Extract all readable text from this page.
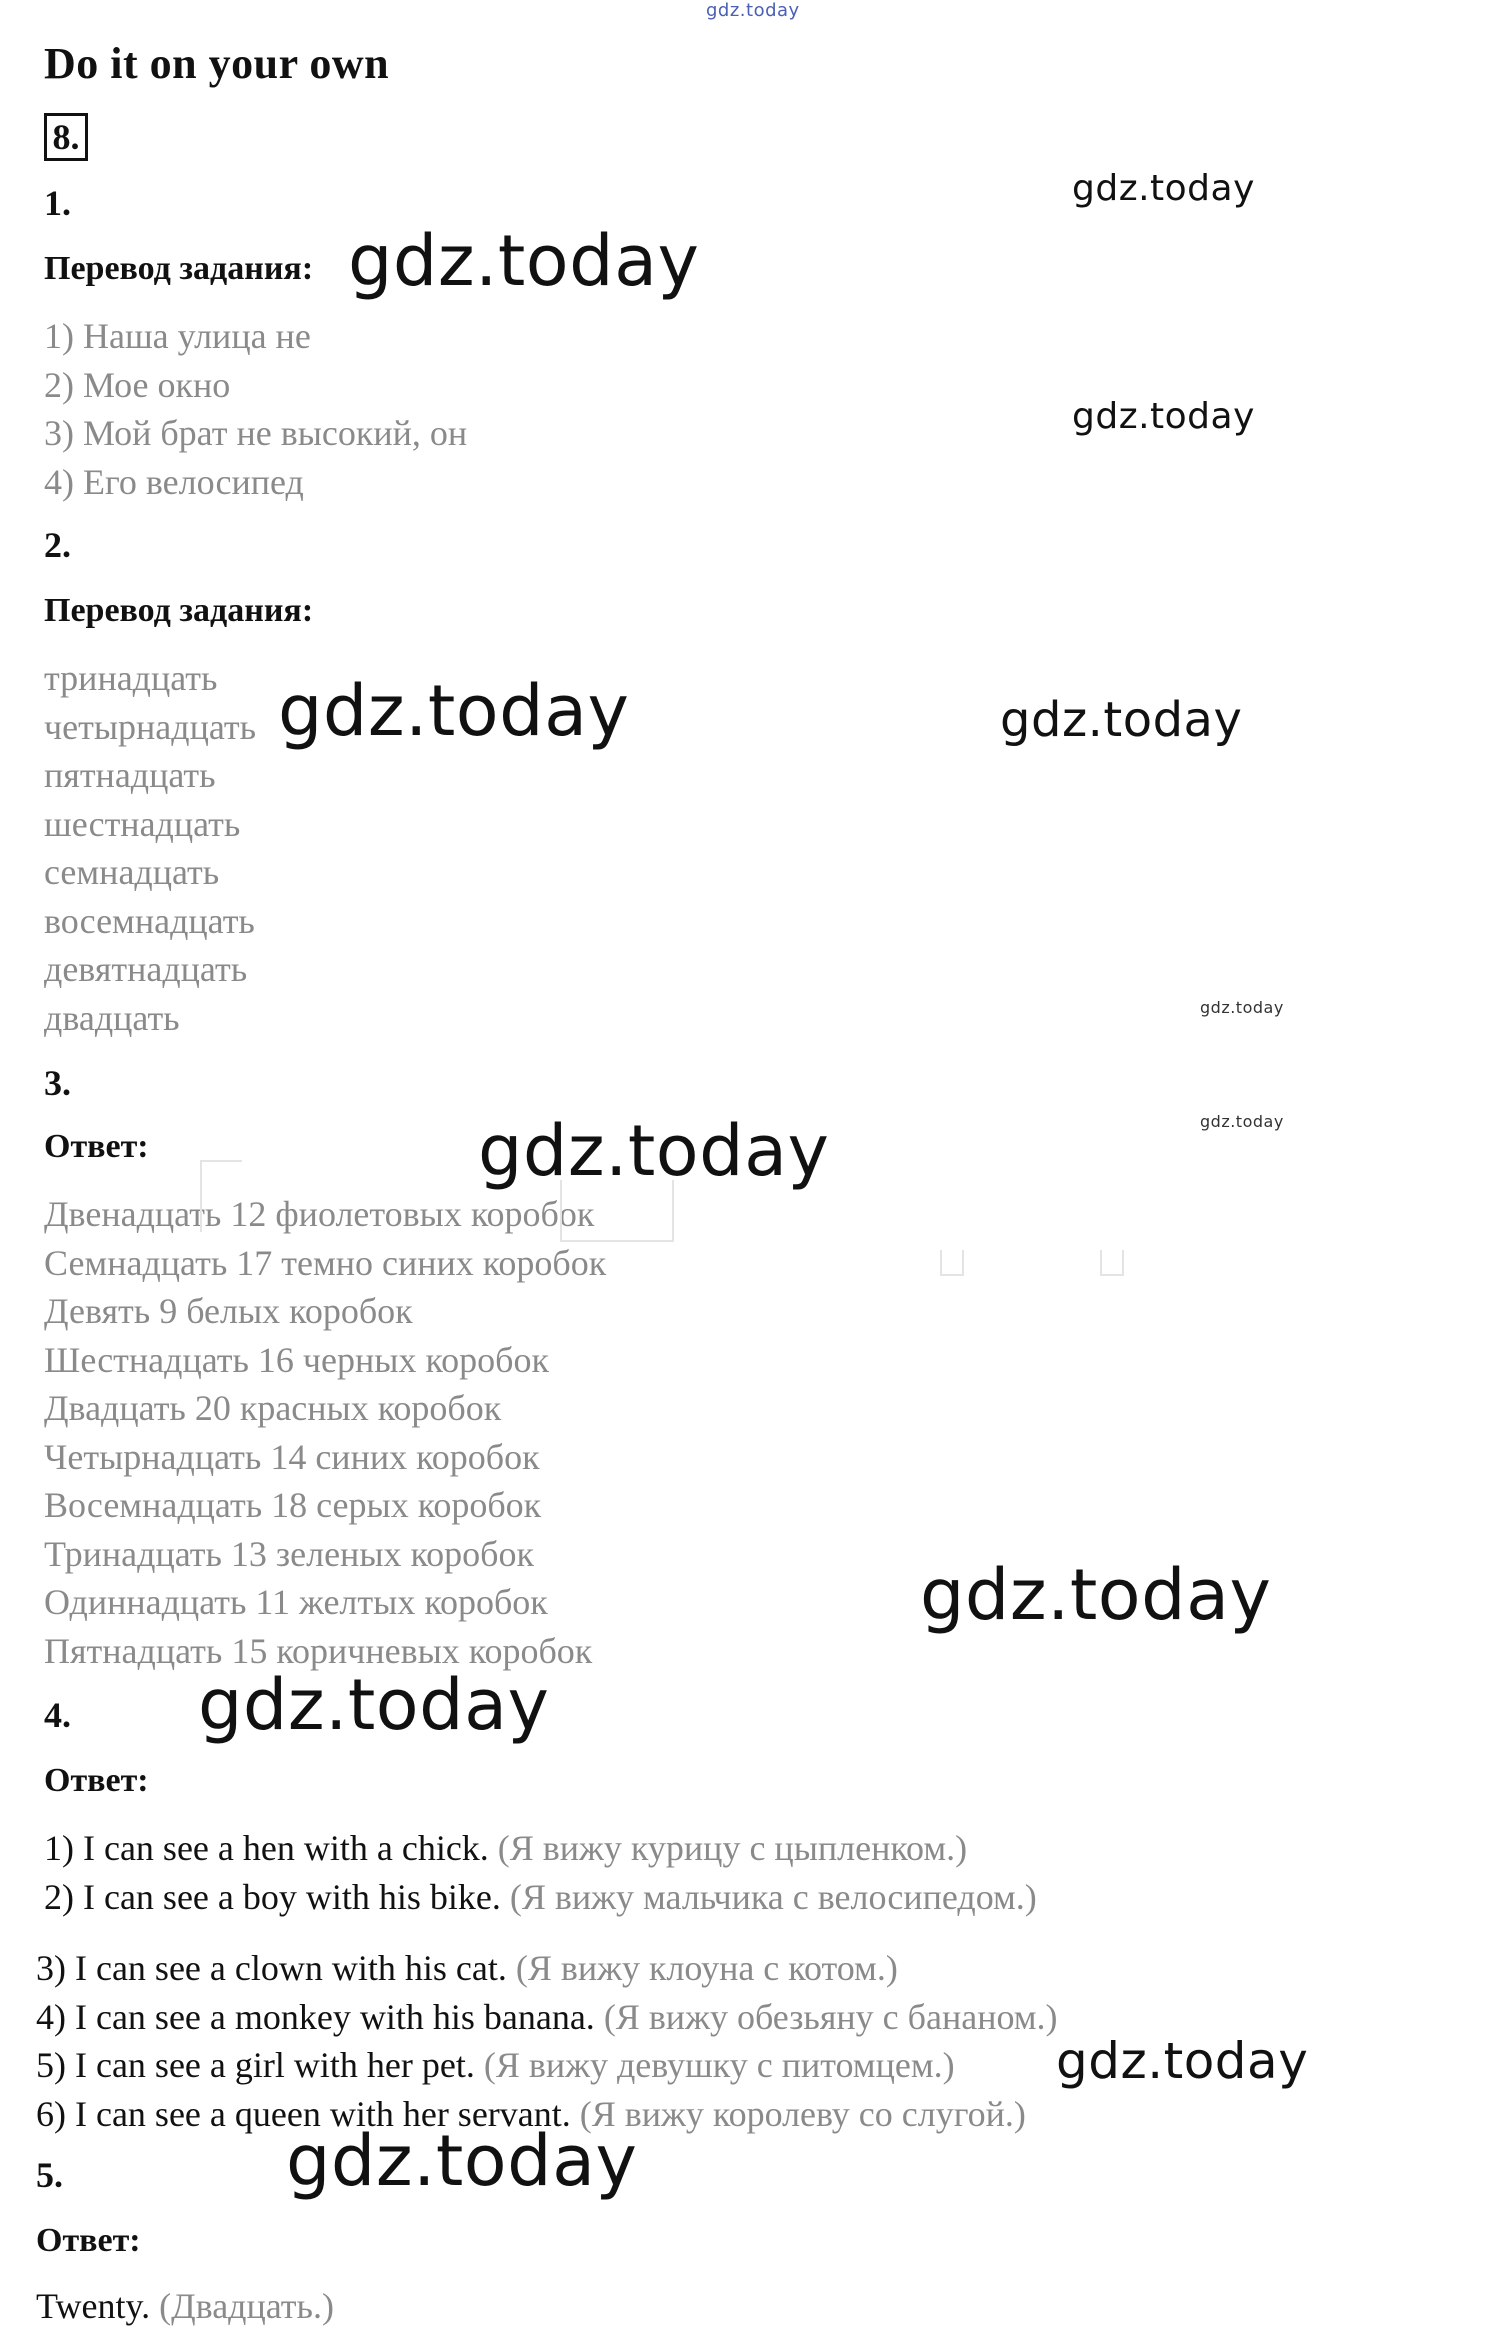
gdz.today
Do it on your own
8.
1.
Перевод задания:
1) Наша улица не
2) Мое окно
3) Мой брат не высокий, он
4) Его велосипед
2.
Перевод задания:
тринадцать
четырнадцать
пятнадцать
шестнадцать
семнадцать
восемнадцать
девятнадцать
двадцать
3.
Ответ:
Двенадцать 12 фиолетовых коробок
Семнадцать 17 темно синих коробок
Девять 9 белых коробок
Шестнадцать 16 черных коробок
Двадцать 20 красных коробок
Четырнадцать 14 синих коробок
Восемнадцать 18 серых коробок
Тринадцать 13 зеленых коробок
Одиннадцать 11 желтых коробок
Пятнадцать 15 коричневых коробок
4.
Ответ:
1) I can see a hen with a chick. (Я вижу курицу с цыпленком.)
2) I can see a boy with his bike. (Я вижу мальчика с велосипедом.)
3) I can see a clown with his cat. (Я вижу клоуна с котом.)
4) I can see a monkey with his banana. (Я вижу обезьяну с бананом.)
5) I can see a girl with her pet. (Я вижу девушку с питомцем.)
6) I can see a queen with her servant. (Я вижу королеву со слугой.)
5.
Ответ:
Twenty. (Двадцать.)
gdz.today
gdz.today
gdz.today
gdz.today	gdz.today
gdz.today
gdz.today
gdz.today
gdz.today
gdz.today
gdz.today
gdz.today
